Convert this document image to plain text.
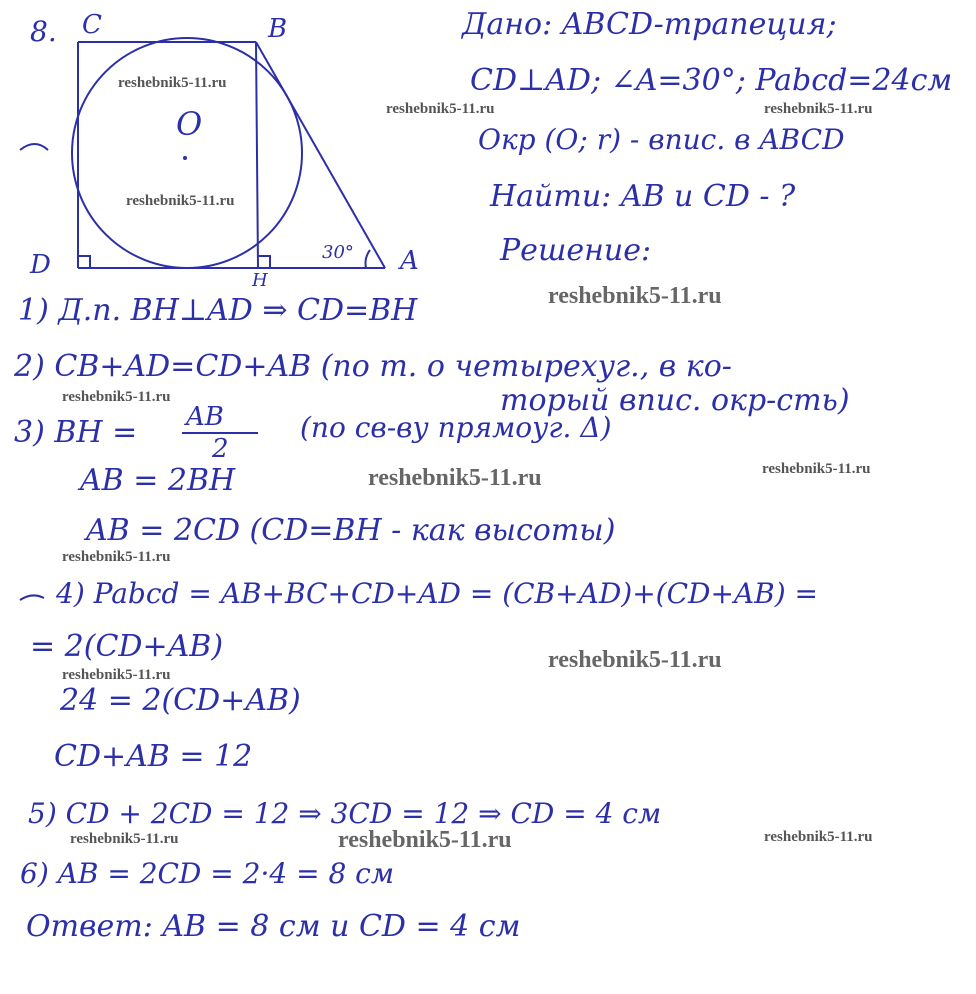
8. C	B
D	A
H
O
30°
Дано: ABCD-трапеция;
CD⊥AD; ∠A=30°; Pabcd=24см
Окр (O; r) - впис. в ABCD
Найти: AB и CD - ?
Решение:
1) Д.п. BH⊥AD ⇒ CD=BH
2) CB+AD=CD+AB (по т. о четырехуг., в ко-
торый впис. окр-сть)
3) BH = AB
2
(по св-ву прямоуг. Δ)
AB = 2BH
AB = 2CD (CD=BH - как высоты)
4) Pabcd = AB+BC+CD+AD = (CB+AD)+(CD+AB) =
= 2(CD+AB)
24 = 2(CD+AB)
CD+AB = 12
5) CD + 2CD = 12 ⇒ 3CD = 12 ⇒ CD = 4 см
6) AB = 2CD = 2·4 = 8 см
Ответ: AB = 8 см и CD = 4 см
reshebnik5-11.ru
reshebnik5-11.ru	reshebnik5-11.ru
reshebnik5-11.ru
reshebnik5-11.ru
reshebnik5-11.ru
reshebnik5-11.ru	reshebnik5-11.ru
reshebnik5-11.ru
reshebnik5-11.ru
reshebnik5-11.ru
reshebnik5-11.ru
reshebnik5-11.ru	reshebnik5-11.ru
